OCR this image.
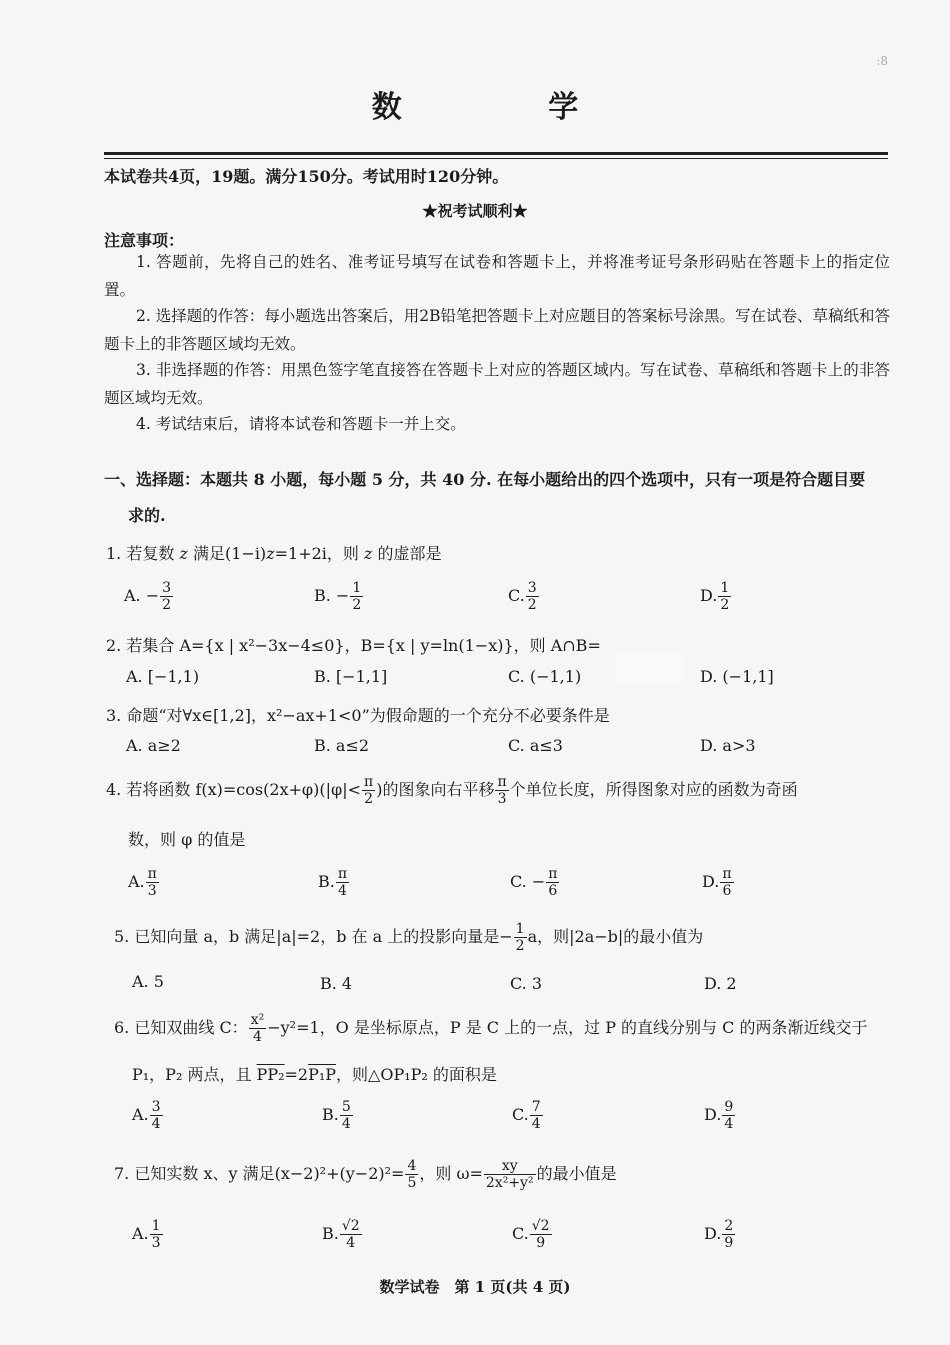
:8
数 学
本试卷共4页，19题。满分150分。考试用时120分钟。
★祝考试顺利★
注意事项：
1. 答题前，先将自己的姓名、准考证号填写在试卷和答题卡上，并将准考证号条形码贴在答题卡上的指定位置。
2. 选择题的作答：每小题选出答案后，用2B铅笔把答题卡上对应题目的答案标号涂黑。写在试卷、草稿纸和答题卡上的非答题区域均无效。
3. 非选择题的作答：用黑色签字笔直接答在答题卡上对应的答题区域内。写在试卷、草稿纸和答题卡上的非答题区域均无效。
4. 考试结束后，请将本试卷和答题卡一并上交。
一、选择题：本题共 8 小题，每小题 5 分，共 40 分. 在每小题给出的四个选项中，只有一项是符合题目要
求的.
1. 若复数 z 满足(1−i)z=1+2i，则 z 的虚部是
A. − $\frac{3}{2}$	B. − $\frac{1}{2}$	C. $\frac{3}{2}$	D. $\frac{1}{2}$
2. 若集合 A={x | x²−3x−4≤0}，B={x | y=ln(1−x)}，则 A∩B=
A. [−1,1)	B. [−1,1]	C. (−1,1)	D. (−1,1]
3. 命题“对∀x∈[1,2]，x²−ax+1<0”为假命题的一个充分不必要条件是
A. a≥2	B. a≤2	C. a≤3	D. a>3
4. 若将函数 $f(x)=\cos(2x+\varphi)(|\varphi|< \frac{\pi}{2}$ )的图象向右平移 $\frac{\pi}{3}$ 个单位长度，所得图象对应的函数为奇函
数，则 φ 的值是
A. $\frac{\pi}{3}$	B. $\frac{\pi}{4}$	C. − $\frac{\pi}{6}$	D. $\frac{\pi}{6}$
5. 已知向量 a，b 满足|a|=2，b 在 a 上的投影向量是− $\frac{1}{2}$ a，则|2a−b|的最小值为
A. 5	B. 4	C. 3	D. 2
6. 已知双曲线 C： $\frac{\text{x²}}{4} -y^2=1$，O 是坐标原点，P 是 C 上的一点，过 P 的直线分别与 C 的两条渐近线交于
P₁，P₂ 两点，且 PP₂=2P₁P，则△OP₁P₂ 的面积是
A. $\frac{3}{4}$	B. $\frac{5}{4}$	C. $\frac{7}{4}$	D. $\frac{9}{4}$
7. 已知实数 x、y 满足$(x-2)^2+(y-2)^2= \frac{4}{5}$ ，则 $\omega= \frac{xy}{\text{2x²+y²}}$ 的最小值是
A. $\frac{1}{3}$	B. $\frac{√2}{4}$	C. $\frac{√2}{9}$	D. $\frac{2}{9}$
数学试卷　第 1 页(共 4 页)
